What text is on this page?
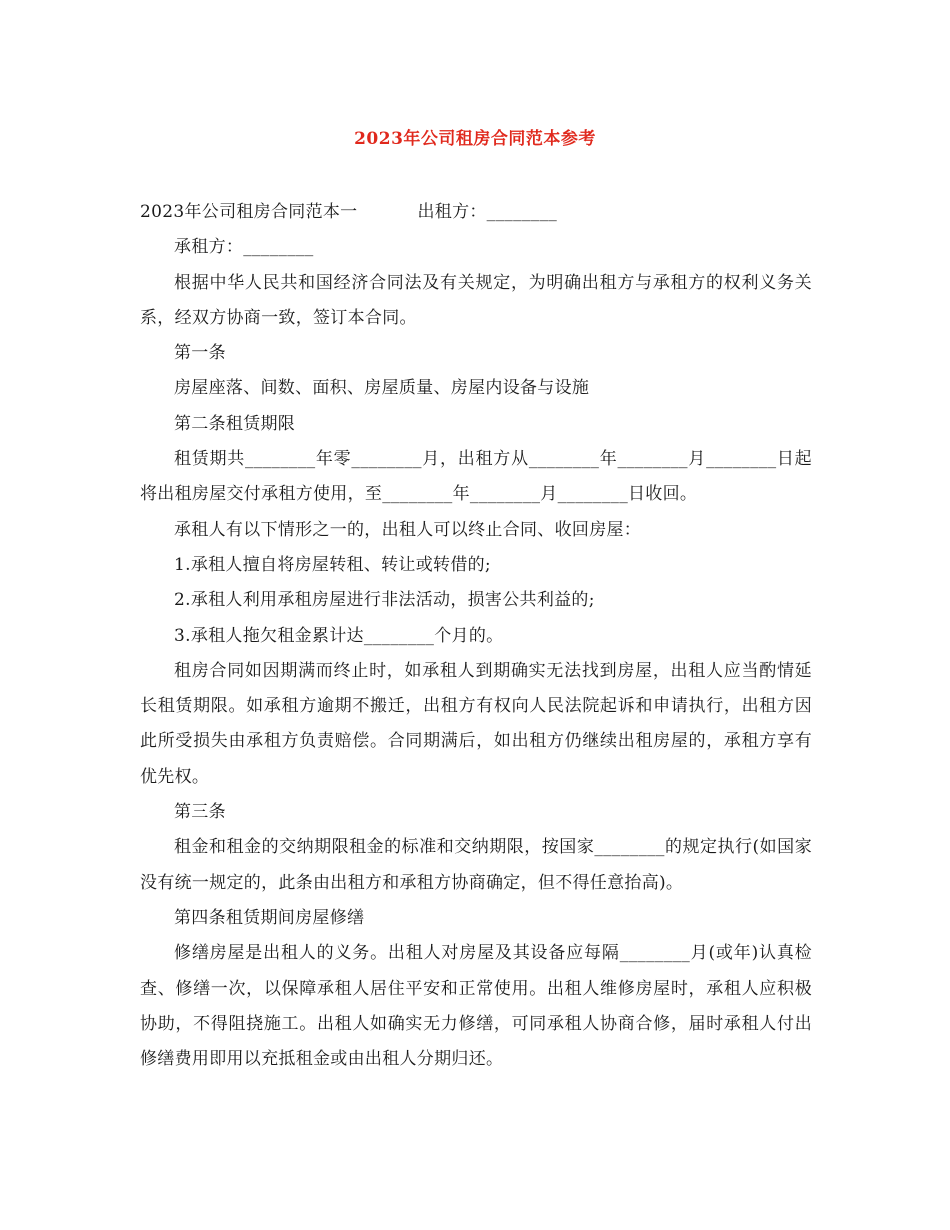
2023年公司租房合同范本参考

2023年公司租房合同范本一	出租方：________

承租方：________

根据中华人民共和国经济合同法及有关规定，为明确出租方与承租方的权利义务关系，经双方协商一致，签订本合同。

第一条

房屋座落、间数、面积、房屋质量、房屋内设备与设施

第二条租赁期限

租赁期共________年零________月，出租方从________年________月________日起将出租房屋交付承租方使用，至________年________月________日收回。

承租人有以下情形之一的，出租人可以终止合同、收回房屋：

1.承租人擅自将房屋转租、转让或转借的;

2.承租人利用承租房屋进行非法活动，损害公共利益的;

3.承租人拖欠租金累计达________个月的。

租房合同如因期满而终止时，如承租人到期确实无法找到房屋，出租人应当酌情延长租赁期限。如承租方逾期不搬迁，出租方有权向人民法院起诉和申请执行，出租方因此所受损失由承租方负责赔偿。合同期满后，如出租方仍继续出租房屋的，承租方享有优先权。

第三条

租金和租金的交纳期限租金的标准和交纳期限，按国家________的规定执行(如国家没有统一规定的，此条由出租方和承租方协商确定，但不得任意抬高)。

第四条租赁期间房屋修缮

修缮房屋是出租人的义务。出租人对房屋及其设备应每隔________月(或年)认真检查、修缮一次，以保障承租人居住平安和正常使用。出租人维修房屋时，承租人应积极协助，不得阻挠施工。出租人如确实无力修缮，可同承租人协商合修，届时承租人付出修缮费用即用以充抵租金或由出租人分期归还。
